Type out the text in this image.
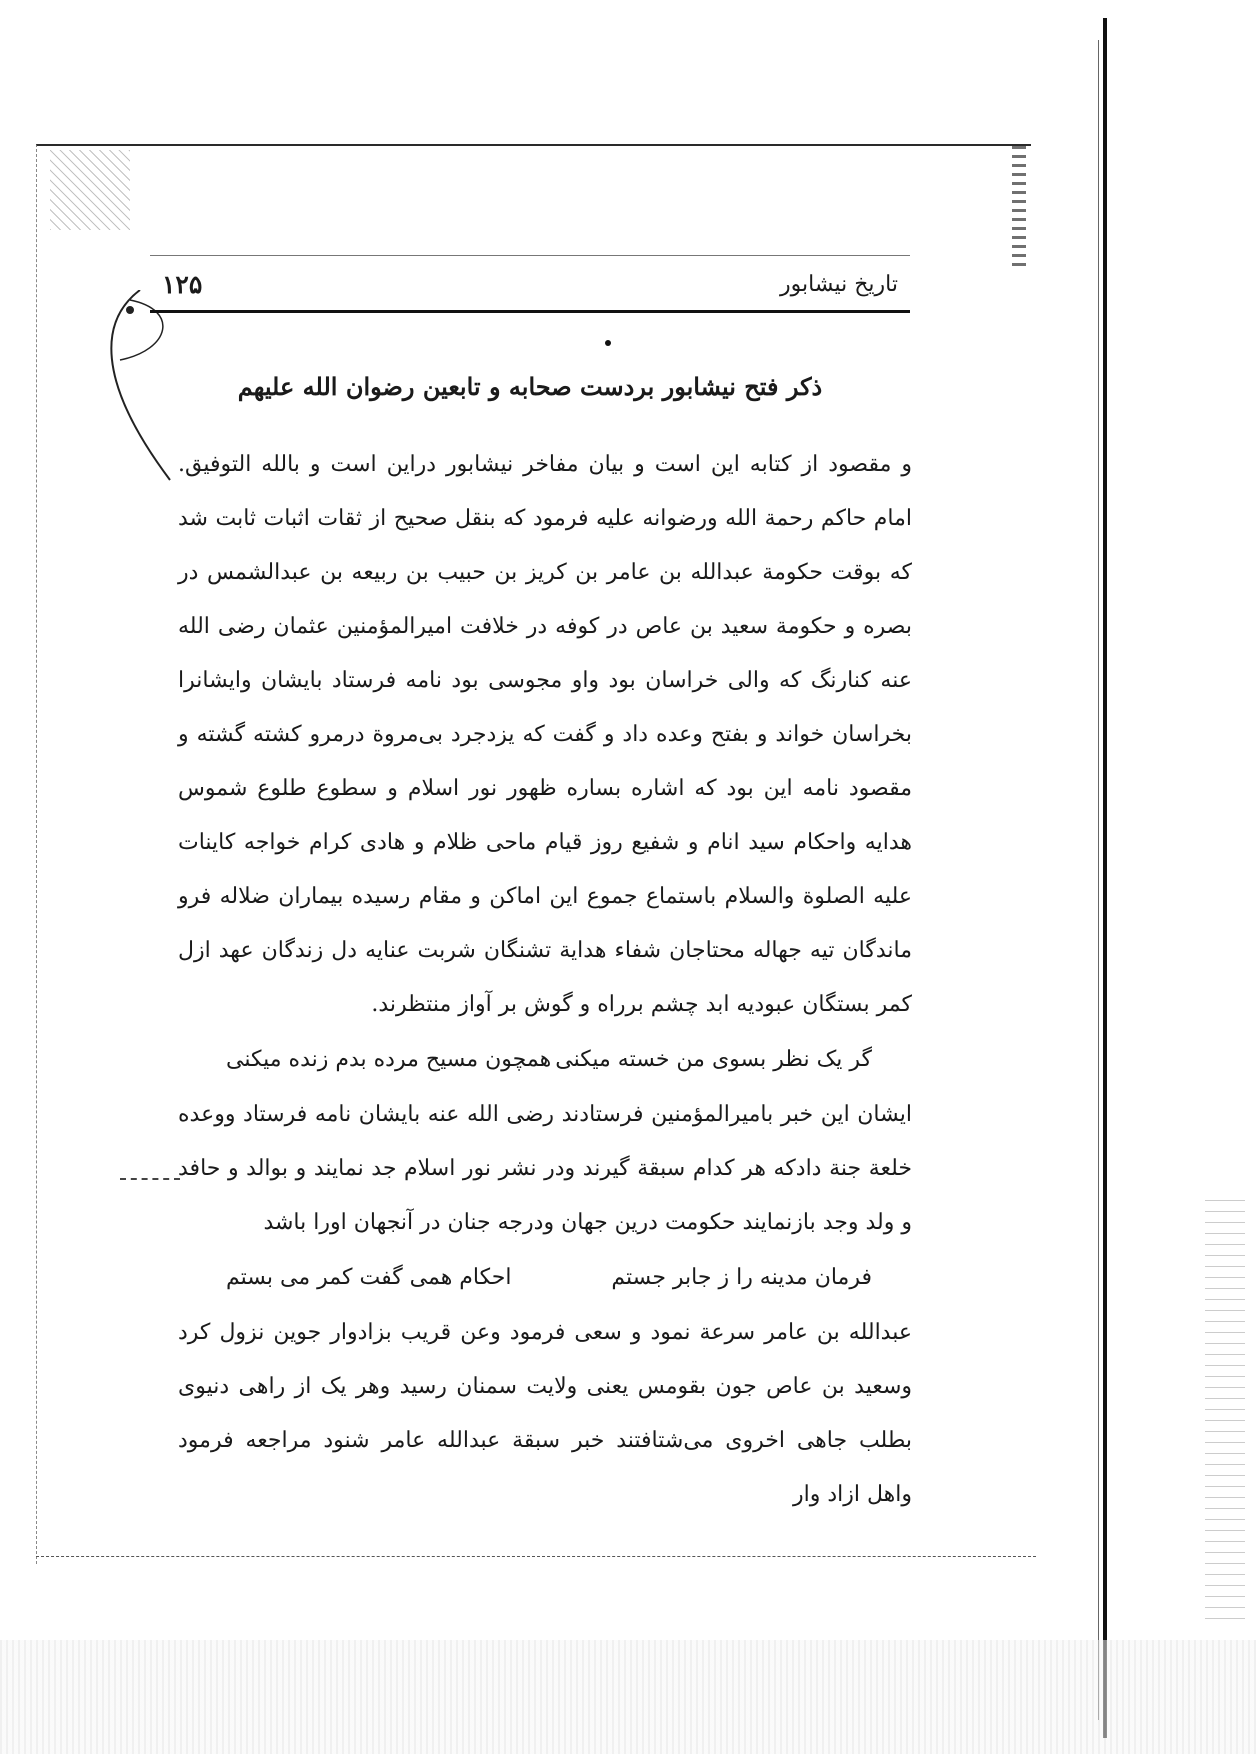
۱۲۵	تاریخ نیشابور
ذکر فتح نیشابور بردست صحابه و تابعین رضوان الله علیهم

و مقصود از کتابه این است و بیان مفاخر نیشابور دراین است و بالله التوفیق. امام حاکم رحمة الله ورضوانه علیه فرمود که بنقل صحیح از ثقات اثبات ثابت شد که بوقت حکومة عبدالله بن عامر بن کریز بن حبیب بن ربیعه بن عبدالشمس در بصره و حکومة سعید بن عاص در کوفه در خلافت امیرالمؤمنین عثمان رضی الله عنه کنارنگ که والی خراسان بود واو مجوسی بود نامه فرستاد بایشان وایشانرا بخراسان خواند و بفتح وعده داد و گفت که یزدجرد بی‌مروة درمرو کشته گشته و مقصود نامه این بود که اشاره بساره ظهور نور اسلام و سطوع طلوع شموس هدایه واحکام سید انام و شفیع روز قیام ماحی ظلام و هادی کرام خواجه کاینات علیه الصلوة والسلام باستماع جموع این اماکن و مقام رسیده بیماران ضلاله فرو ماندگان تیه جهاله محتاجان شفاء هدایة تشنگان شربت عنایه دل زندگان عهد ازل کمر بستگان عبودیه ابد چشم برراه و گوش بر آواز منتظرند.

گر یک نظر بسوی من خسته میکنی
همچون مسیح مرده بدم زنده میکنی

ایشان این خبر بامیرالمؤمنین فرستادند رضی الله عنه بایشان نامه فرستاد ووعده خلعة جنة دادکه هر کدام سبقة گیرند ودر نشر نور اسلام جد نمایند و بوالد و حافد و ولد وجد بازنمایند حکومت درین جهان ودرجه جنان در آنجهان اورا باشد

فرمان مدینه را ز جابر جستم
احکام همی گفت کمر می بستم

عبدالله بن عامر سرعة نمود و سعی فرمود وعن قریب بزادوار جوین نزول کرد وسعید بن عاص جون بقومس یعنی ولایت سمنان رسید وهر یک از راهی دنیوی بطلب جاهی اخروی می‌شتافتند خبر سبقة عبدالله عامر شنود مراجعه فرمود واهل ازاد وار
